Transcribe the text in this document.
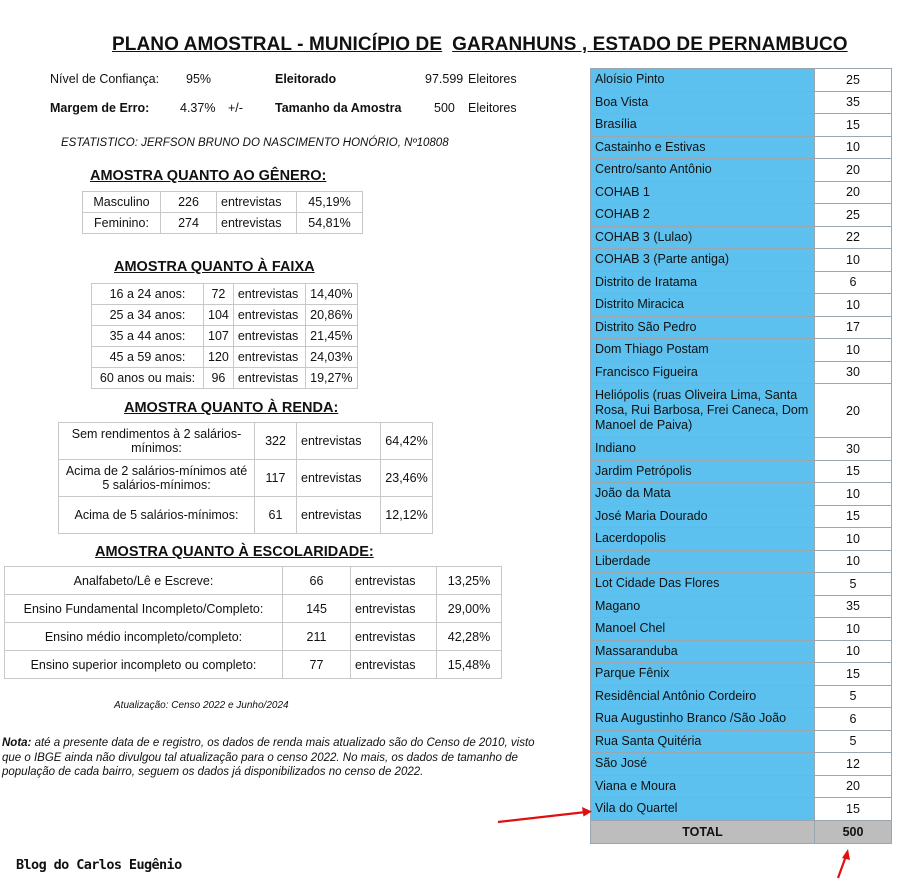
PLANO AMOSTRAL - MUNICÍPIO DE GARANHUNS , ESTADO DE PERNAMBUCO
Nível de Confiança: 95%	Eleitorado	97.599 Eleitores
Margem de Erro: 4.37% +/-	Tamanho da Amostra	500 Eleitores
ESTATISTICO: JERFSON BRUNO DO NASCIMENTO HONÓRIO, Nº10808
AMOSTRA QUANTO AO GÊNERO:
Masculino	226	entrevistas	45,19%
Feminino:	274	entrevistas	54,81%
AMOSTRA QUANTO À FAIXA
16 a 24 anos:	72	entrevistas	14,40%
25 a 34 anos:	104	entrevistas	20,86%
35 a 44 anos:	107	entrevistas	21,45%
45 a 59 anos:	120	entrevistas	24,03%
60 anos ou mais:	96	entrevistas	19,27%
AMOSTRA QUANTO À RENDA:
Sem rendimentos à 2 salários-mínimos:	322	entrevistas	64,42%
Acima de 2 salários-mínimos até 5 salários-mínimos:	117	entrevistas	23,46%
Acima de 5 salários-mínimos:	61	entrevistas	12,12%
AMOSTRA QUANTO À ESCOLARIDADE:
Analfabeto/Lê e Escreve:	66	entrevistas	13,25%
Ensino Fundamental Incompleto/Completo:	145	entrevistas	29,00%
Ensino médio incompleto/completo:	211	entrevistas	42,28%
Ensino superior incompleto ou completo:	77	entrevistas	15,48%
Atualização: Censo 2022 e Junho/2024
Nota: até a presente data de e registro, os dados de renda mais atualizado são do Censo de 2010, visto que o IBGE ainda não divulgou tal atualização para o censo 2022. No mais, os dados de tamanho de população de cada bairro, seguem os dados já disponibilizados no censo de 2022.
Blog do Carlos Eugênio
Aloísio Pinto	25
Boa Vista	35
Brasília	15
Castainho e Estivas	10
Centro/santo Antônio	20
COHAB 1	20
COHAB 2	25
COHAB 3 (Lulao)	22
COHAB 3 (Parte antiga)	10
Distrito de Iratama	6
Distrito Miracica	10
Distrito São Pedro	17
Dom Thiago Postam	10
Francisco Figueira	30
Heliópolis (ruas Oliveira Lima, Santa Rosa, Rui Barbosa, Frei Caneca, Dom Manoel de Paiva)	20
Indiano	30
Jardim Petrópolis	15
João da Mata	10
José Maria Dourado	15
Lacerdopolis	10
Liberdade	10
Lot Cidade Das Flores	5
Magano	35
Manoel Chel	10
Massaranduba	10
Parque Fênix	15
Residêncial Antônio Cordeiro	5
Rua Augustinho Branco /São João	6
Rua Santa Quitéria	5
São José	12
Viana e Moura	20
Vila do Quartel	15
TOTAL	500
